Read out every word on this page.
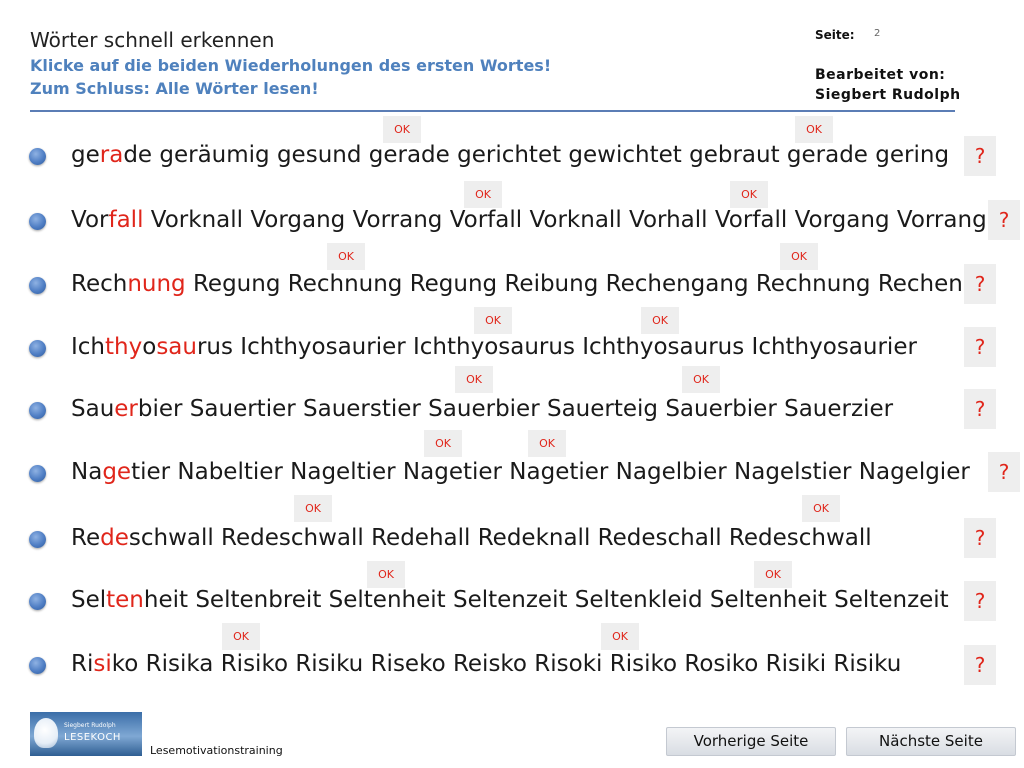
Wörter schnell erkennen
Klicke auf die beiden Wiederholungen des ersten Wortes!
Zum Schluss: Alle Wörter lesen!
Seite: 2
Bearbeitet von:
Siegbert Rudolph
OK	OK
gerade geräumig gesund gerade gerichtet gewichtet gebraut gerade gering	?
OK	OK
Vorfall Vorknall Vorgang Vorrang Vorfall Vorknall Vorhall Vorfall Vorgang Vorrang ?
OK	OK
Rechnung Regung Rechnung Regung Reibung Rechengang Rechnung Rechen ?
OK	OK
Ichthyosaurus Ichthyosaurier Ichthyosaurus Ichthyosaurus Ichthyosaurier	?
OK	OK
Sauerbier Sauertier Sauerstier Sauerbier Sauerteig Sauerbier Sauerzier	?
OK	OK
Nagetier Nabeltier Nageltier Nagetier Nagetier Nagelbier Nagelstier Nagelgier	?
OK	OK
Redeschwall Redeschwall Redehall Redeknall Redeschall Redeschwall	?
OK	OK
Seltenheit Seltenbreit Seltenheit Seltenzeit Seltenkleid Seltenheit Seltenzeit	?
OK	OK
Risiko Risika Risiko Risiku Riseko Reisko Risoki Risiko Rosiko Risiki Risiku	?
Siegbert Rudolph
LESEKOCH
Lesemotivationstraining
Vorherige Seite	Nächste Seite
